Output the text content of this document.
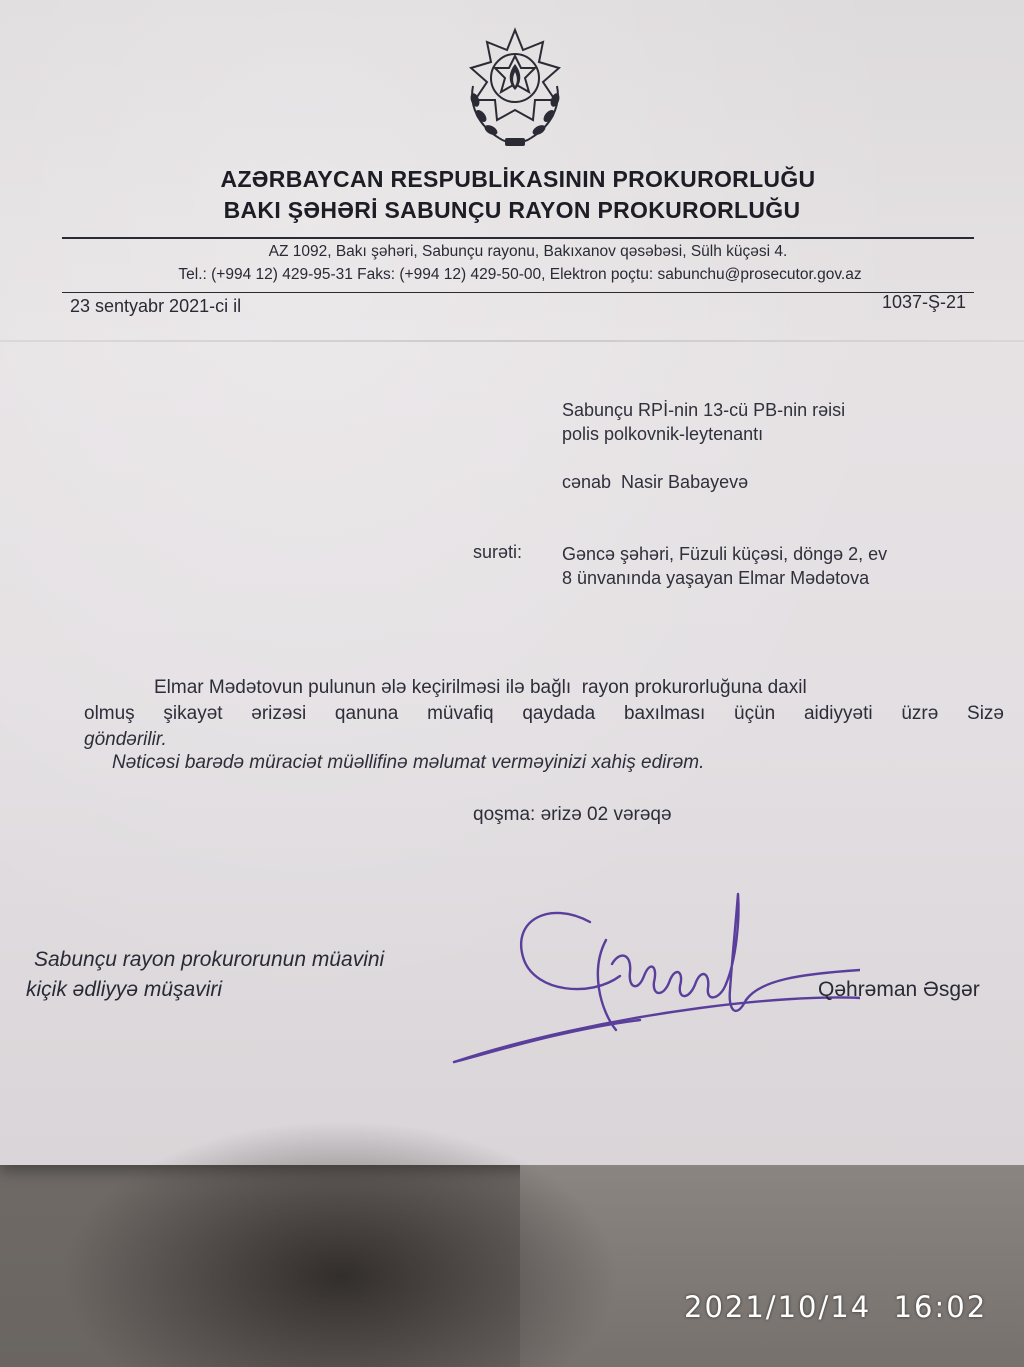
AZƏRBAYCAN RESPUBLİKASININ PROKURORLUĞU
BAKI ŞƏHƏRİ SABUNÇU RAYON PROKURORLUĞU
AZ 1092, Bakı şəhəri, Sabunçu rayonu, Bakıxanov qəsəbəsi, Sülh küçəsi 4.
Tel.: (+994 12) 429-95-31 Faks: (+994 12) 429-50-00, Elektron poçtu: sabunchu@prosecutor.gov.az
23 sentyabr 2021-ci il	1037-Ş-21
Sabunçu RPİ-nin 13-cü PB-nin rəisi
polis polkovnik-leytenantı
cənab  Nasir Babayevə
surəti: Gəncə şəhəri, Füzuli küçəsi, döngə 2, ev
8 ünvanında yaşayan Elmar Mədətova
Elmar Mədətovun pulunun ələ keçirilməsi ilə bağlı  rayon prokurorluğuna daxil
olmuş şikayət ərizəsi qanuna müvafiq qaydada baxılması üçün aidiyyəti üzrə Sizə
göndərilir.
Nəticəsi barədə müraciət müəllifinə məlumat verməyinizi xahiş edirəm.
qoşma: ərizə 02 vərəqə
Sabunçu rayon prokurorunun müavini
kiçik ədliyyə müşaviri	Qəhrəman Əsgər
2021/10/14  16:02
